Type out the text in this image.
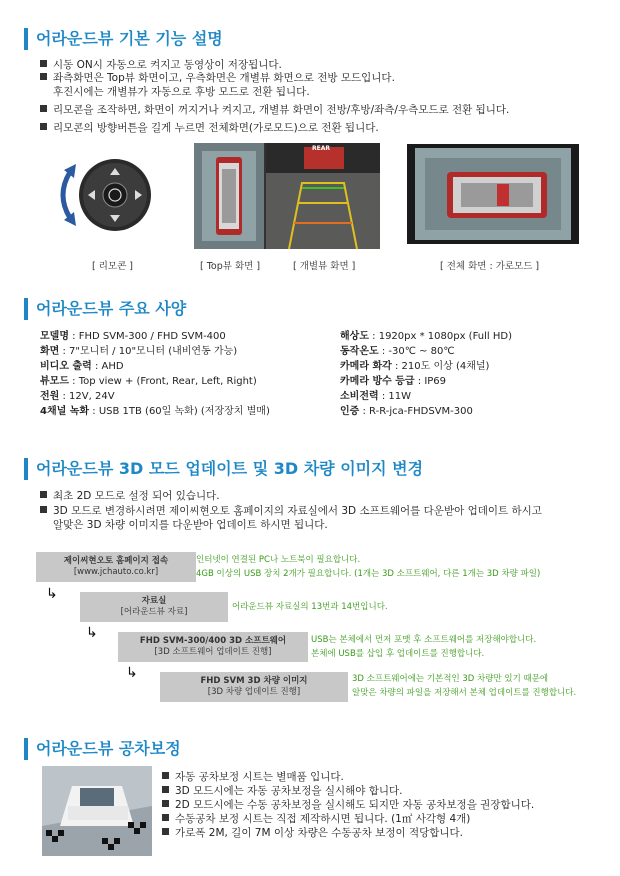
어라운드뷰 기본 기능 설명
시동 ON시 자동으로 켜지고 동영상이 저장됩니다.
좌측화면은 Top뷰 화면이고, 우측화면은 개별뷰 화면으로 전방 모드입니다.
후진시에는 개별뷰가 자동으로 후방 모드로 전환 됩니다.
리모콘을 조작하면, 화면이 꺼지거나 켜지고, 개별뷰 화면이 전방/후방/좌측/우측모드로 전환 됩니다.
리모콘의 방향버튼을 길게 누르면 전체화면(가로모드)으로 전환 됩니다.
[ 리모콘 ]
REAR
[ Top뷰 화면 ]	[ 개별뷰 화면 ]	[ 전체 화면 : 가로모드 ]
어라운드뷰 주요 사양
모델명 : FHD SVM-300 / FHD SVM-400
화면 : 7"모니터 / 10"모니터 (내비연동 가능)
비디오 출력 : AHD
뷰모드 : Top view + (Front, Rear, Left, Right)
전원 : 12V, 24V
4채널 녹화 : USB 1TB (60일 녹화) (저장장치 별매)
해상도 : 1920px * 1080px (Full HD)
동작온도 : -30℃ ~ 80℃
카메라 화각 : 210도 이상 (4채널)
카메라 방수 등급 : IP69
소비전력 : 11W
인증 : R-R-jca-FHDSVM-300
어라운드뷰 3D 모드 업데이트 및 3D 차량 이미지 변경
최초 2D 모드로 설정 되어 있습니다.
3D 모드로 변경하시려면 제이씨현오토 홈페이지의 자료실에서 3D 소프트웨어를 다운받아 업데이트 하시고
알맞은 3D 차량 이미지를 다운받아 업데이트 하시면 됩니다.
제이씨현오토 홈페이지 접속
[www.jchauto.co.kr]
인터넷이 연결된 PC나 노트북이 필요합니다.
4GB 이상의 USB 장치 2개가 필요합니다. (1개는 3D 소프트웨어, 다른 1개는 3D 차량 파일)
↳	자료실
[어라운드뷰 자료]	어라운드뷰 자료실의 13번과 14번입니다.
↳	FHD SVM-300/400 3D 소프트웨어
[3D 소프트웨어 업데이트 진행]
USB는 본체에서 먼저 포맷 후 소프트웨어를 저장해야합니다.
본체에 USB를 삽입 후 업데이트를 진행합니다.
↳	FHD SVM 3D 차량 이미지
[3D 차량 업데이트 진행]
3D 소프트웨어에는 기본적인 3D 차량만 있기 때문에
알맞은 차량의 파일을 저장해서 본체 업데이트를 진행합니다.
어라운드뷰 공차보정
자동 공차보정 시트는 별매품 입니다.
3D 모드시에는 자동 공차보정을 실시해야 합니다.
2D 모드시에는 수동 공차보정을 실시해도 되지만 자동 공차보정을 권장합니다.
수동공차 보정 시트는 직접 제작하시면 됩니다. (1㎡ 사각형 4개)
가로폭 2M, 길이 7M 이상 차량은 수동공차 보정이 적당합니다.
